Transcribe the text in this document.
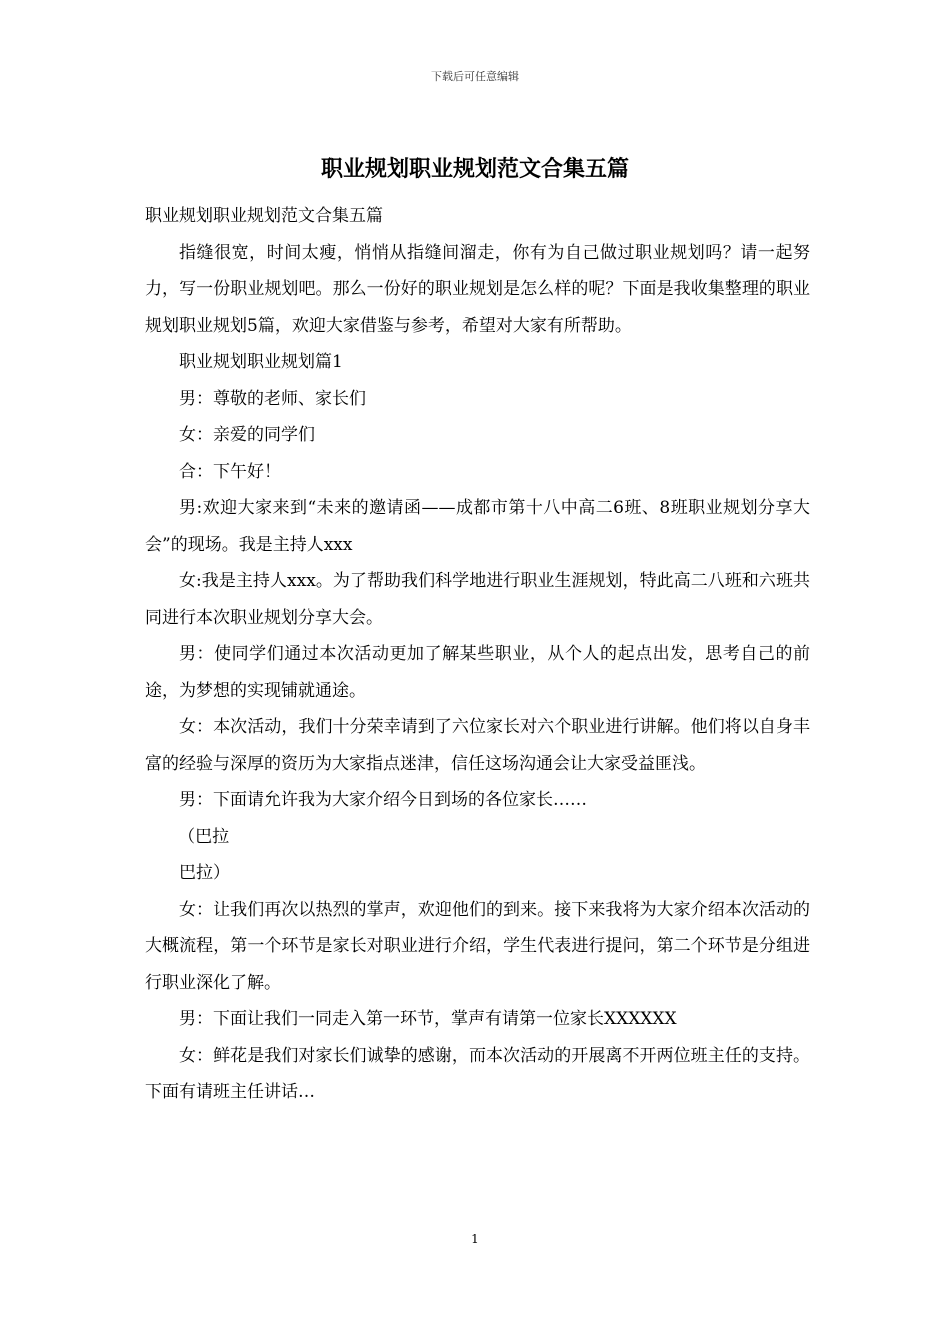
下载后可任意编辑
职业规划职业规划范文合集五篇

职业规划职业规划范文合集五篇

指缝很宽，时间太瘦，悄悄从指缝间溜走，你有为自己做过职业规划吗？请一起努力，写一份职业规划吧。那么一份好的职业规划是怎么样的呢？下面是我收集整理的职业规划职业规划5篇，欢迎大家借鉴与参考，希望对大家有所帮助。

职业规划职业规划篇1

男：尊敬的老师、家长们

女：亲爱的同学们

合：下午好！

男:欢迎大家来到“未来的邀请函——成都市第十八中高二6班、8班职业规划分享大会”的现场。我是主持人xxx

女:我是主持人xxx。为了帮助我们科学地进行职业生涯规划，特此高二八班和六班共同进行本次职业规划分享大会。

男：使同学们通过本次活动更加了解某些职业，从个人的起点出发，思考自己的前途，为梦想的实现铺就通途。

女：本次活动，我们十分荣幸请到了六位家长对六个职业进行讲解。他们将以自身丰富的经验与深厚的资历为大家指点迷津，信任这场沟通会让大家受益匪浅。

男：下面请允许我为大家介绍今日到场的各位家长……

（巴拉

巴拉）

女：让我们再次以热烈的掌声，欢迎他们的到来。接下来我将为大家介绍本次活动的大概流程，第一个环节是家长对职业进行介绍，学生代表进行提问，第二个环节是分组进行职业深化了解。

男：下面让我们一同走入第一环节，掌声有请第一位家长XXXXXX

女：鲜花是我们对家长们诚挚的感谢，而本次活动的开展离不开两位班主任的支持。下面有请班主任讲话…

1
